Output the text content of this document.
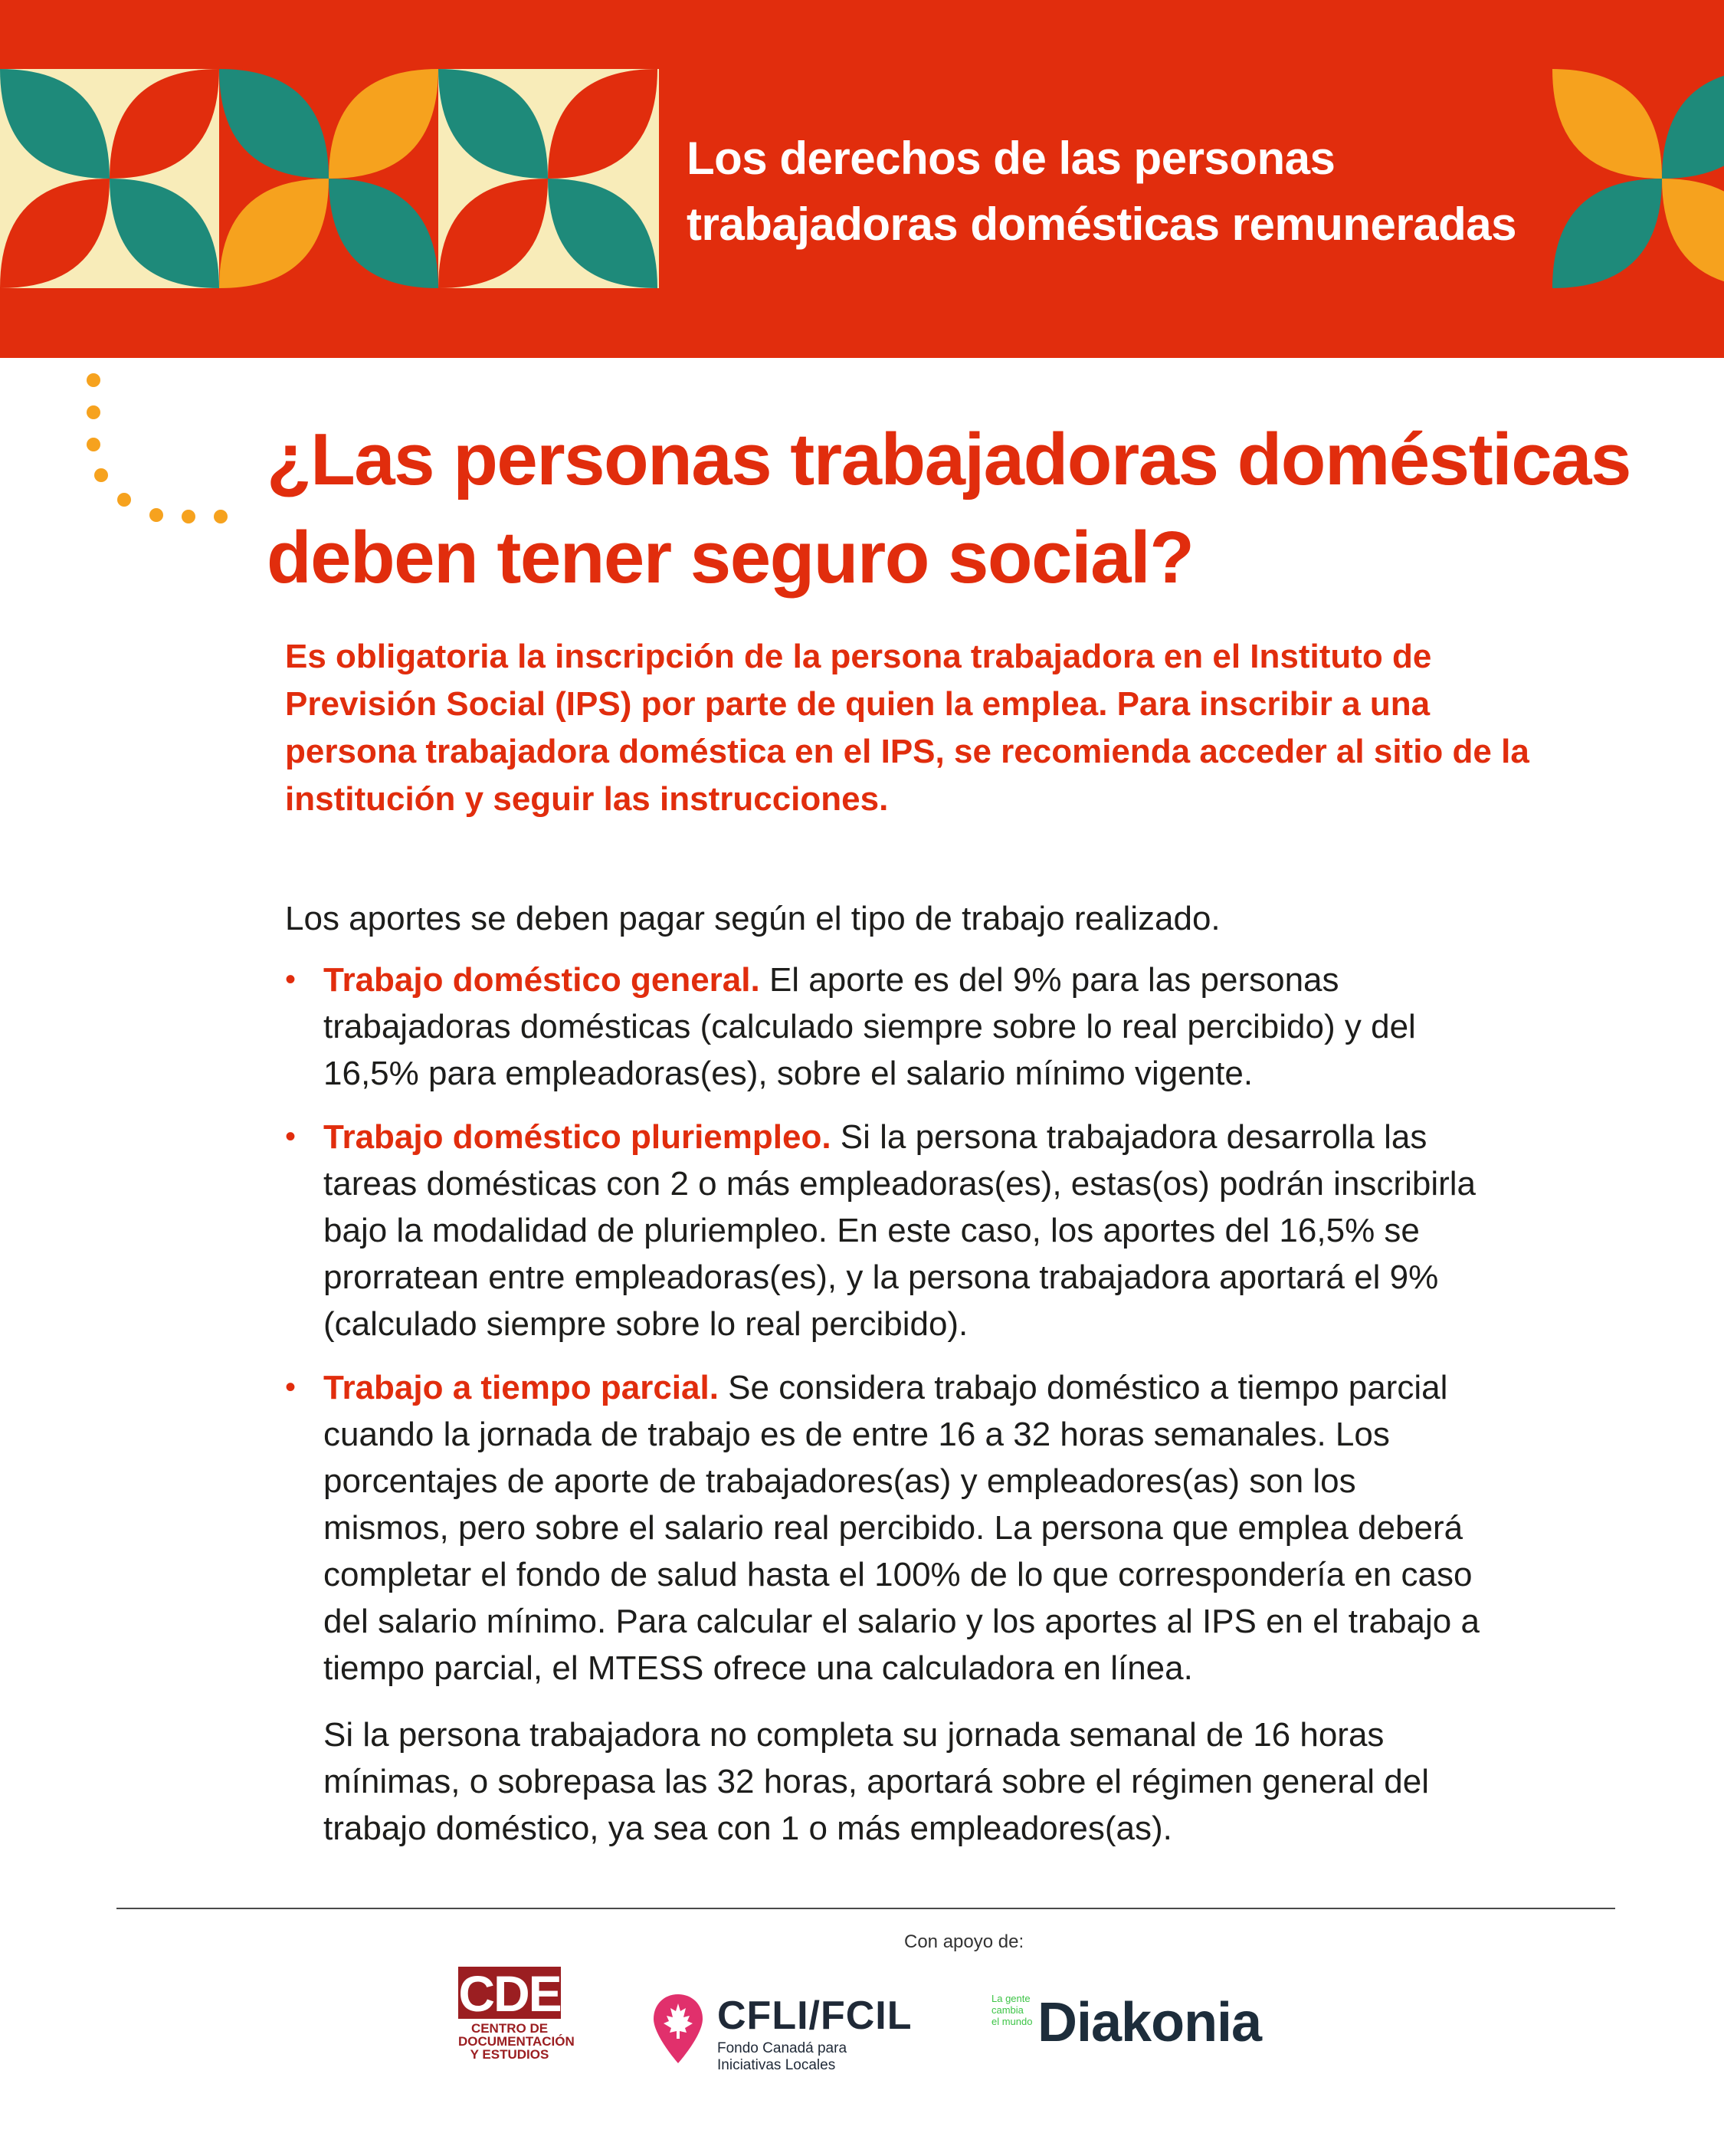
Los derechos de las personas
trabajadoras domésticas remuneradas
¿Las personas trabajadoras domésticas
deben tener seguro social?

Es obligatoria la inscripción de la persona trabajadora en el Instituto de
Previsión Social (IPS) por parte de quien la emplea. Para inscribir a una
persona trabajadora doméstica en el IPS, se recomienda acceder al sitio de la
institución y seguir las instrucciones.

Los aportes se deben pagar según el tipo de trabajo realizado.

• Trabajo doméstico general. El aporte es del 9% para las personas
trabajadoras domésticas (calculado siempre sobre lo real percibido) y del
16,5% para empleadoras(es), sobre el salario mínimo vigente.
• Trabajo doméstico pluriempleo. Si la persona trabajadora desarrolla las
tareas domésticas con 2 o más empleadoras(es), estas(os) podrán inscribirla
bajo la modalidad de pluriempleo. En este caso, los aportes del 16,5% se
prorratean entre empleadoras(es), y la persona trabajadora aportará el 9%
(calculado siempre sobre lo real percibido).
• Trabajo a tiempo parcial. Se considera trabajo doméstico a tiempo parcial
cuando la jornada de trabajo es de entre 16 a 32 horas semanales. Los
porcentajes de aporte de trabajadores(as) y empleadores(as) son los
mismos, pero sobre el salario real percibido. La persona que emplea deberá
completar el fondo de salud hasta el 100% de lo que correspondería en caso
del salario mínimo. Para calcular el salario y los aportes al IPS en el trabajo a
tiempo parcial, el MTESS ofrece una calculadora en línea.
Si la persona trabajadora no completa su jornada semanal de 16 horas
mínimas, o sobrepasa las 32 horas, aportará sobre el régimen general del
trabajo doméstico, ya sea con 1 o más empleadores(as).
Con apoyo de:
CDE
CENTRO DE
DOCUMENTACIÓN
Y ESTUDIOS
CFLI/FCIL
Fondo Canadá para
Iniciativas Locales
La gente
cambia
el mundo Diakonia
